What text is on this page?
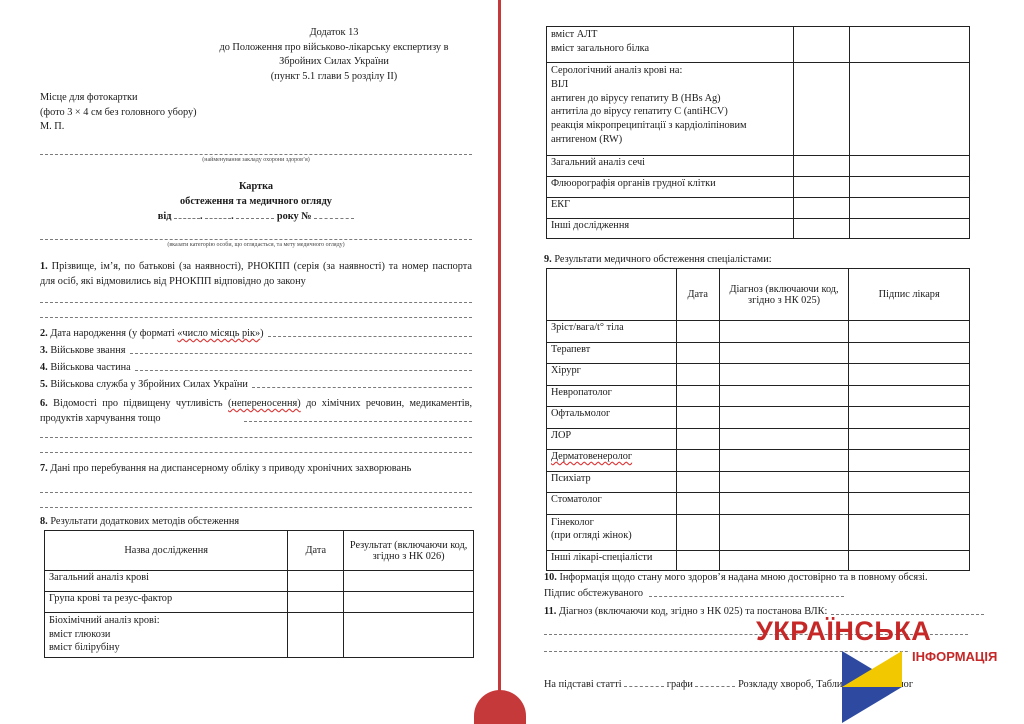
Додаток 13
до Положення про військово-лікарську експертизу в
Збройних Силах України
(пункт 5.1 глави 5 розділу II)
Місце для фотокартки
(фото 3 × 4 см без головного убору)
М. П.
(найменування закладу охорони здоров’я)
Картка
обстеження та медичного огляду
від	.	.	року №
(вказати категорію особи, що оглядається, та мету медичного огляду)
1. Прізвище, ім’я, по батькові (за наявності), РНОКПП (серія (за наявності) та номер паспорта для осіб, які відмовились від РНОКПП відповідно до закону
2.
Дата народження (у форматі
«число місяць рік» )
3.
Військове звання
4.
Військова частина
5.
Військова служба у Збройних Силах України
6. Відомості про підвищену чутливість (непереносення) до хімічних речовин, медикаментів, продуктів харчування тощо
7. Дані про перебування на диспансерному обліку з приводу хронічних захворювань
8. Результати додаткових методів обстеження
Назва дослідження	Дата	Результат (включаючи код, згідно з НК 026)
Загальний аналіз крові		
Група крові та резус-фактор		
Біохімічний аналіз крові:
вміст глюкози
вміст білірубіну		
вміст АЛТ
вміст загального білка		
Серологічний аналіз крові на:
ВІЛ
антиген до вірусу гепатиту В (HBs Ag)
антитіла до вірусу гепатиту С (antiHCV)
реакція мікропреципітації з кардіоліпіновим антигеном (RW)		
Загальний аналіз сечі		
Флюорографія органів грудної клітки		
ЕКГ		
Інші дослідження		
9. Результати медичного обстеження спеціалістами:
	Дата	Діагноз (включаючи код, згідно з НК 025)	Підпис лікаря
Зріст/вага/t° тіла			
Терапевт			
Хірург			
Невропатолог			
Офтальмолог			
ЛОР			
Дерматовенеролог			
Психіатр			
Стоматолог			
Гінеколог
(при огляді жінок)			
Інші лікарі-спеціалісти			
10. Інформація щодо стану мого здоров’я надана мною достовірно та в повному обсязі.
Підпис обстежуваного
11.
Діагноз (включаючи код, згідно з НК 025) та постанова ВЛК:
На підставі статті	графи	Розкладу хвороб, Табли датковиx вимог
УКРАЇНСЬКА
ІНФОРМАЦІЯ
